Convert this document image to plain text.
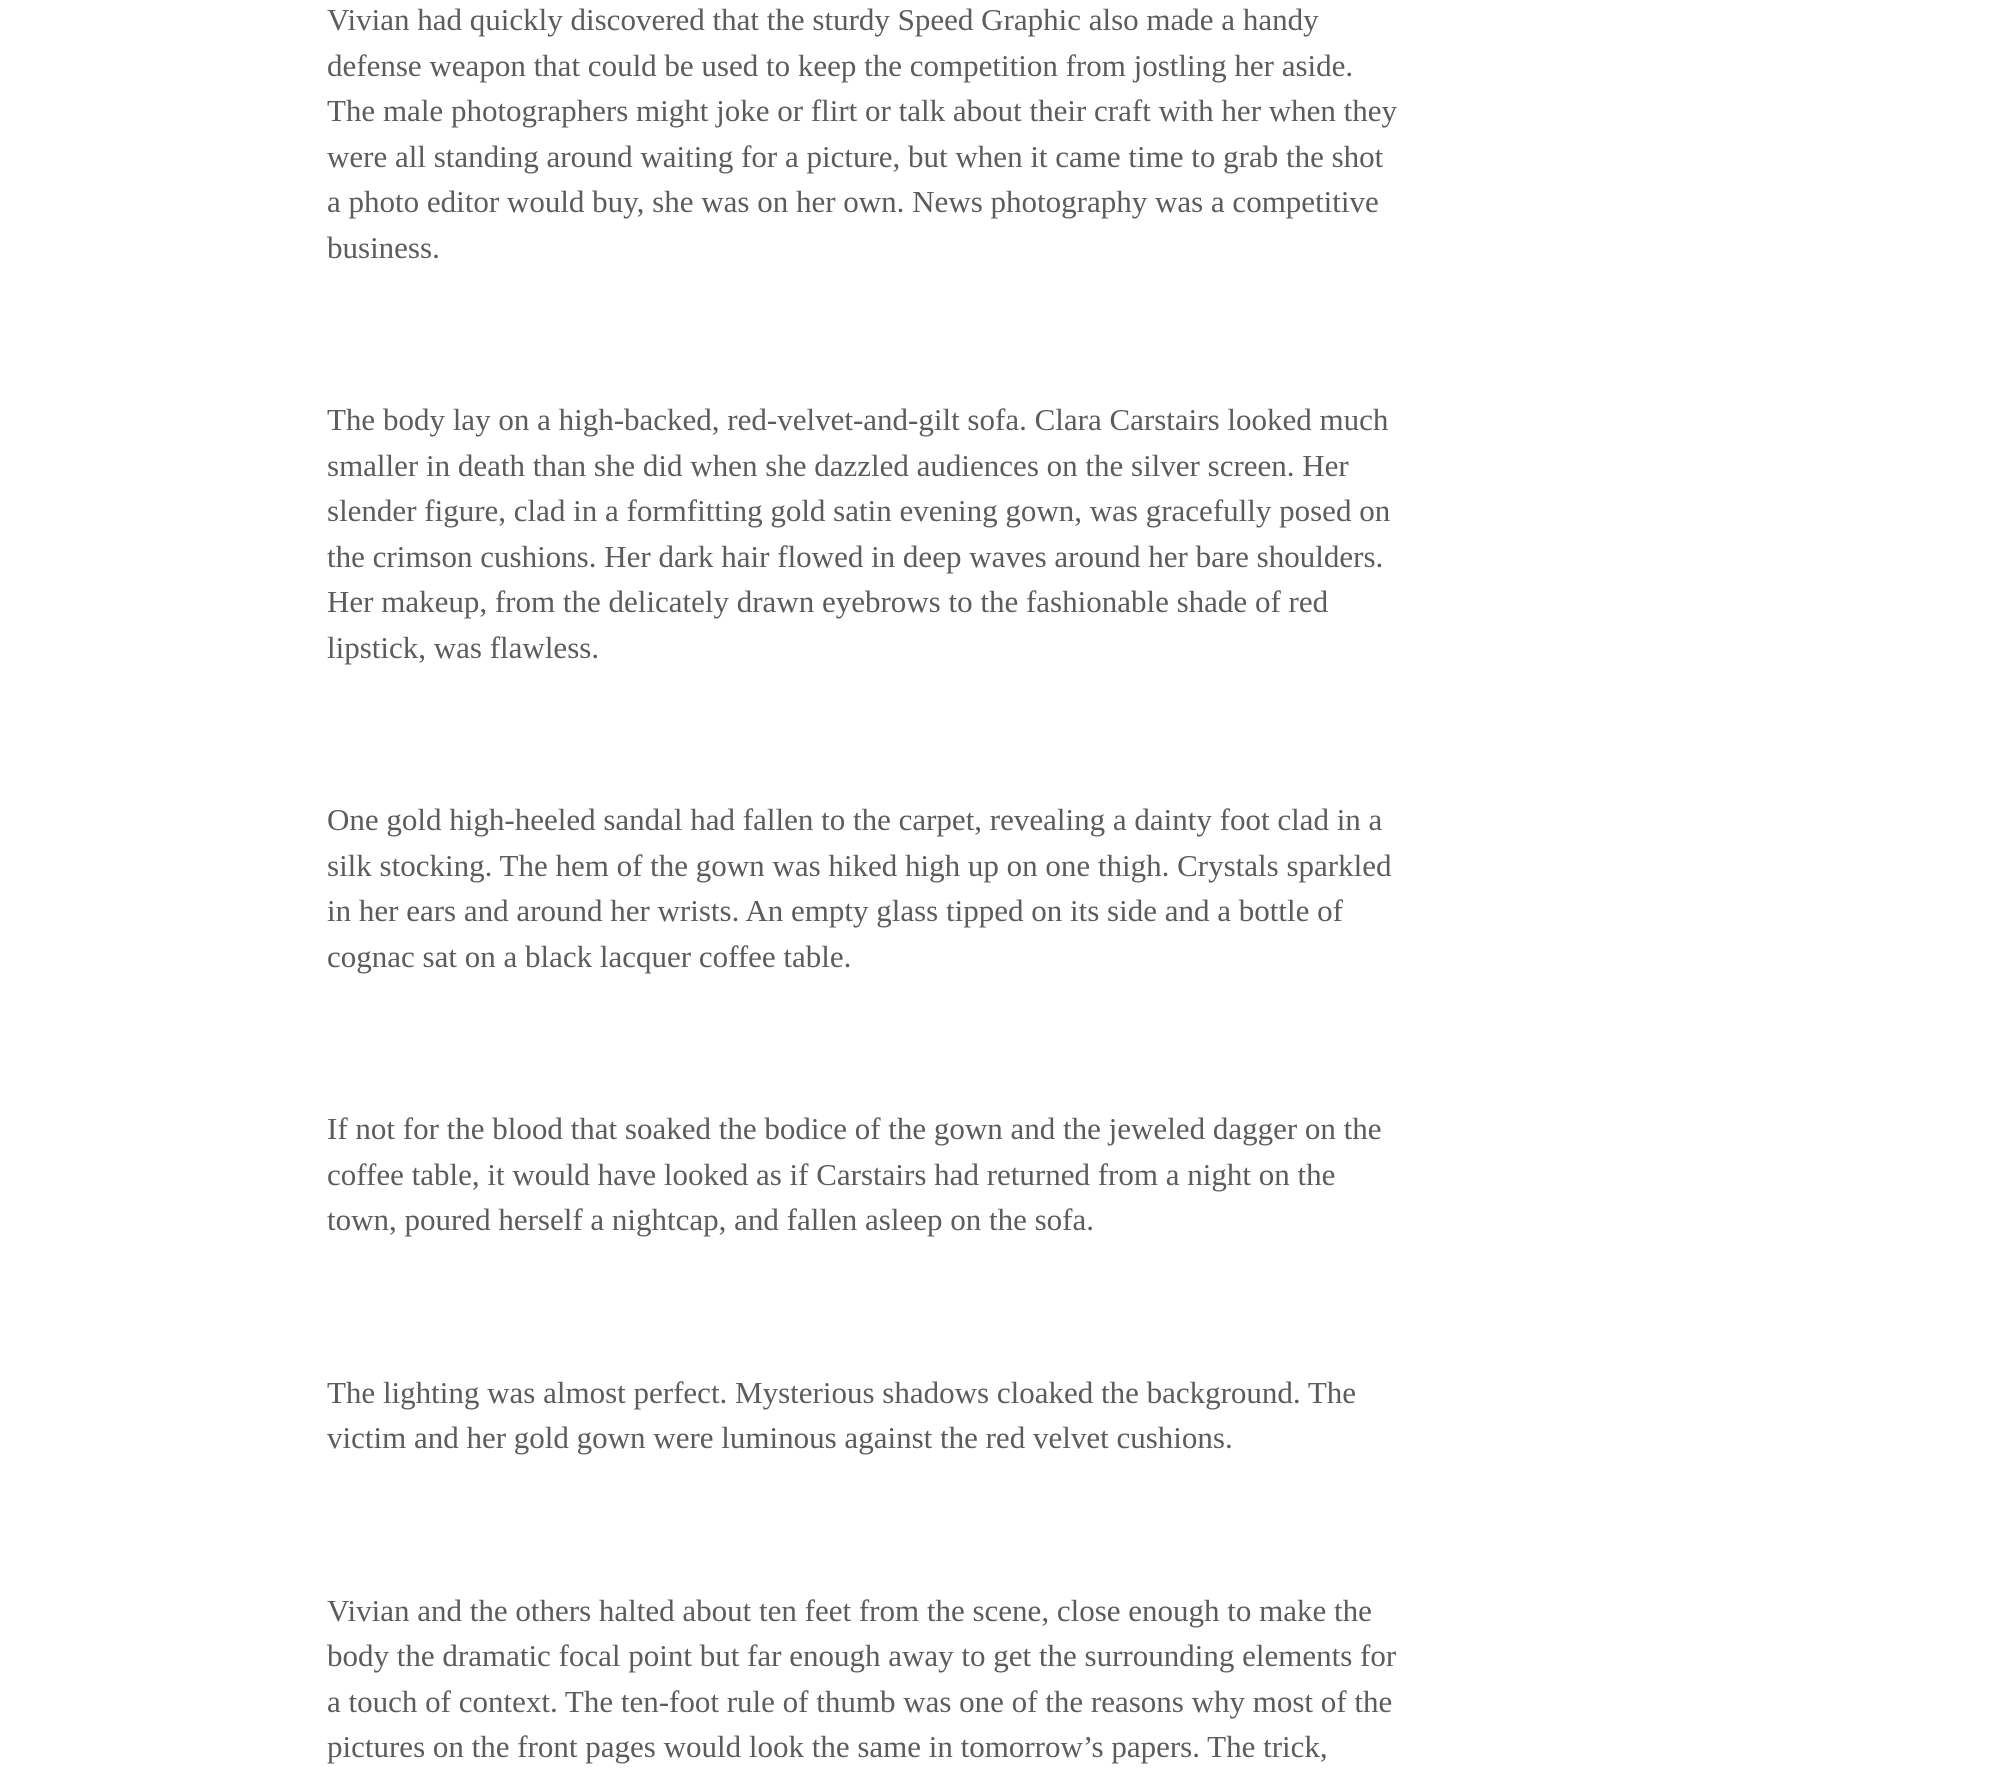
Vivian had quickly discovered that the sturdy Speed Graphic also made a handy
defense weapon that could be used to keep the competition from jostling her aside.
The male photographers might joke or flirt or talk about their craft with her when they
were all standing around waiting for a picture, but when it came time to grab the shot
a photo editor would buy, she was on her own. News photography was a competitive
business.

The body lay on a high-backed, red-velvet-and-gilt sofa. Clara Carstairs looked much
smaller in death than she did when she dazzled audiences on the silver screen. Her
slender figure, clad in a formfitting gold satin evening gown, was gracefully posed on
the crimson cushions. Her dark hair flowed in deep waves around her bare shoulders.
Her makeup, from the delicately drawn eyebrows to the fashionable shade of red
lipstick, was flawless.

One gold high-heeled sandal had fallen to the carpet, revealing a dainty foot clad in a
silk stocking. The hem of the gown was hiked high up on one thigh. Crystals sparkled
in her ears and around her wrists. An empty glass tipped on its side and a bottle of
cognac sat on a black lacquer coffee table.

If not for the blood that soaked the bodice of the gown and the jeweled dagger on the
coffee table, it would have looked as if Carstairs had returned from a night on the
town, poured herself a nightcap, and fallen asleep on the sofa.

The lighting was almost perfect. Mysterious shadows cloaked the background. The
victim and her gold gown were luminous against the red velvet cushions.

Vivian and the others halted about ten feet from the scene, close enough to make the
body the dramatic focal point but far enough away to get the surrounding elements for
a touch of context. The ten-foot rule of thumb was one of the reasons why most of the
pictures on the front pages would look the same in tomorrow’s papers. The trick,
